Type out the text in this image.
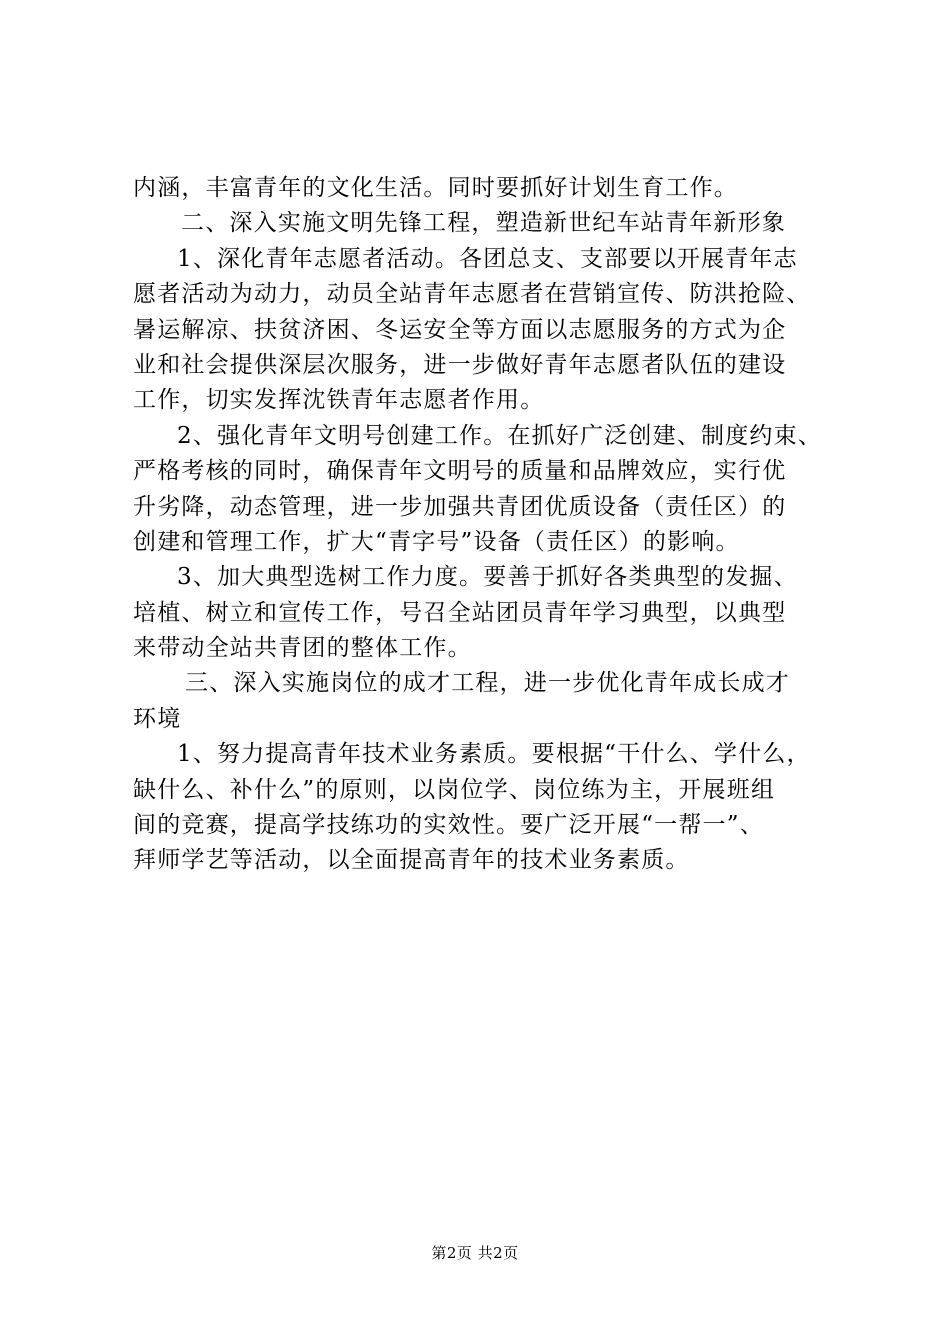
内涵，丰富青年的文化生活。同时要抓好计划生育工作。
二、深入实施文明先锋工程，塑造新世纪车站青年新形象
1、深化青年志愿者活动。各团总支、支部要以开展青年志
愿者活动为动力，动员全站青年志愿者在营销宣传、防洪抢险、
暑运解凉、扶贫济困、冬运安全等方面以志愿服务的方式为企
业和社会提供深层次服务，进一步做好青年志愿者队伍的建设
工作，切实发挥沈铁青年志愿者作用。
2、强化青年文明号创建工作。在抓好广泛创建、制度约束、
严格考核的同时，确保青年文明号的质量和品牌效应，实行优
升劣降，动态管理，进一步加强共青团优质设备（责任区）的
创建和管理工作，扩大“青字号”设备（责任区）的影响。
3、加大典型选树工作力度。要善于抓好各类典型的发掘、
培植、树立和宣传工作，号召全站团员青年学习典型，以典型
来带动全站共青团的整体工作。
三、深入实施岗位的成才工程，进一步优化青年成长成才
环境
1、努力提高青年技术业务素质。要根据“干什么、学什么，
缺什么、补什么”的原则，以岗位学、岗位练为主，开展班组
间的竞赛，提高学技练功的实效性。要广泛开展“一帮一”、
拜师学艺等活动，以全面提高青年的技术业务素质。
第2页 共2页
